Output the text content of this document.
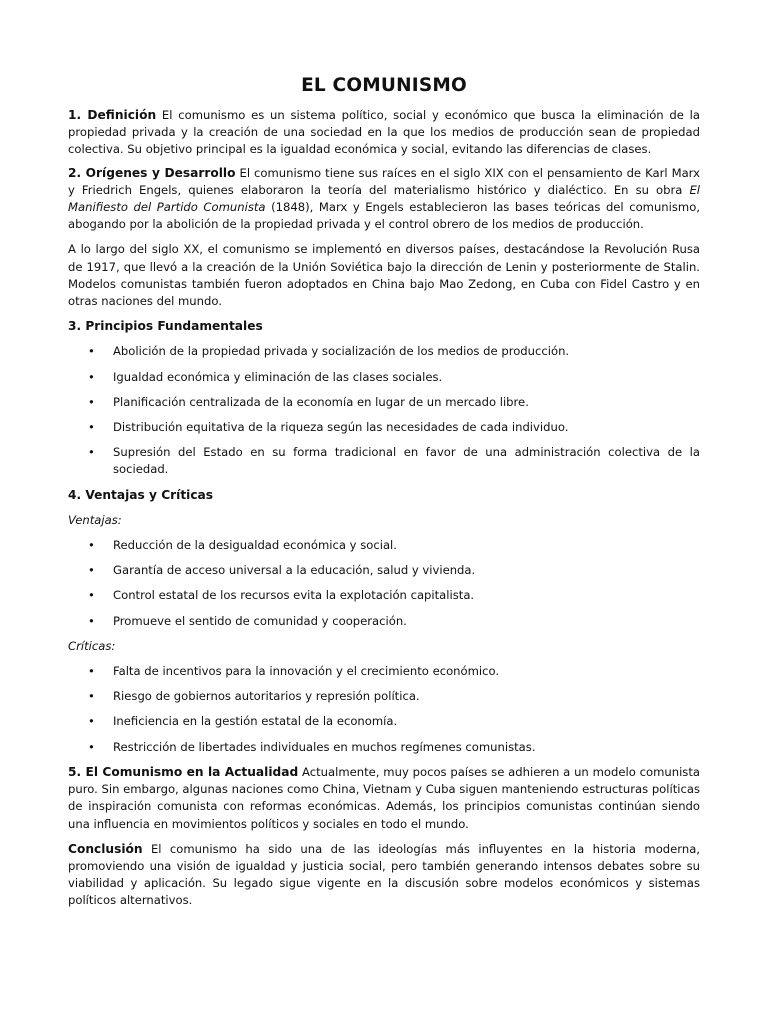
EL COMUNISMO

1. Definición El comunismo es un sistema político, social y económico que busca la eliminación de la propiedad privada y la creación de una sociedad en la que los medios de producción sean de propiedad colectiva. Su objetivo principal es la igualdad económica y social, evitando las diferencias de clases.

2. Orígenes y Desarrollo El comunismo tiene sus raíces en el siglo XIX con el pensamiento de Karl Marx y Friedrich Engels, quienes elaboraron la teoría del materialismo histórico y dialéctico. En su obra El Manifiesto del Partido Comunista (1848), Marx y Engels establecieron las bases teóricas del comunismo, abogando por la abolición de la propiedad privada y el control obrero de los medios de producción.

A lo largo del siglo XX, el comunismo se implementó en diversos países, destacándose la Revolución Rusa de 1917, que llevó a la creación de la Unión Soviética bajo la dirección de Lenin y posteriormente de Stalin. Modelos comunistas también fueron adoptados en China bajo Mao Zedong, en Cuba con Fidel Castro y en otras naciones del mundo.

3. Principios Fundamentales

• Abolición de la propiedad privada y socialización de los medios de producción.
• Igualdad económica y eliminación de las clases sociales.
• Planificación centralizada de la economía en lugar de un mercado libre.
• Distribución equitativa de la riqueza según las necesidades de cada individuo.
• Supresión del Estado en su forma tradicional en favor de una administración colectiva de la sociedad.

4. Ventajas y Críticas

Ventajas:

• Reducción de la desigualdad económica y social.
• Garantía de acceso universal a la educación, salud y vivienda.
• Control estatal de los recursos evita la explotación capitalista.
• Promueve el sentido de comunidad y cooperación.

Críticas:

• Falta de incentivos para la innovación y el crecimiento económico.
• Riesgo de gobiernos autoritarios y represión política.
• Ineficiencia en la gestión estatal de la economía.
• Restricción de libertades individuales en muchos regímenes comunistas.

5. El Comunismo en la Actualidad Actualmente, muy pocos países se adhieren a un modelo comunista puro. Sin embargo, algunas naciones como China, Vietnam y Cuba siguen manteniendo estructuras políticas de inspiración comunista con reformas económicas. Además, los principios comunistas continúan siendo una influencia en movimientos políticos y sociales en todo el mundo.

Conclusión El comunismo ha sido una de las ideologías más influyentes en la historia moderna, promoviendo una visión de igualdad y justicia social, pero también generando intensos debates sobre su viabilidad y aplicación. Su legado sigue vigente en la discusión sobre modelos económicos y sistemas políticos alternativos.
